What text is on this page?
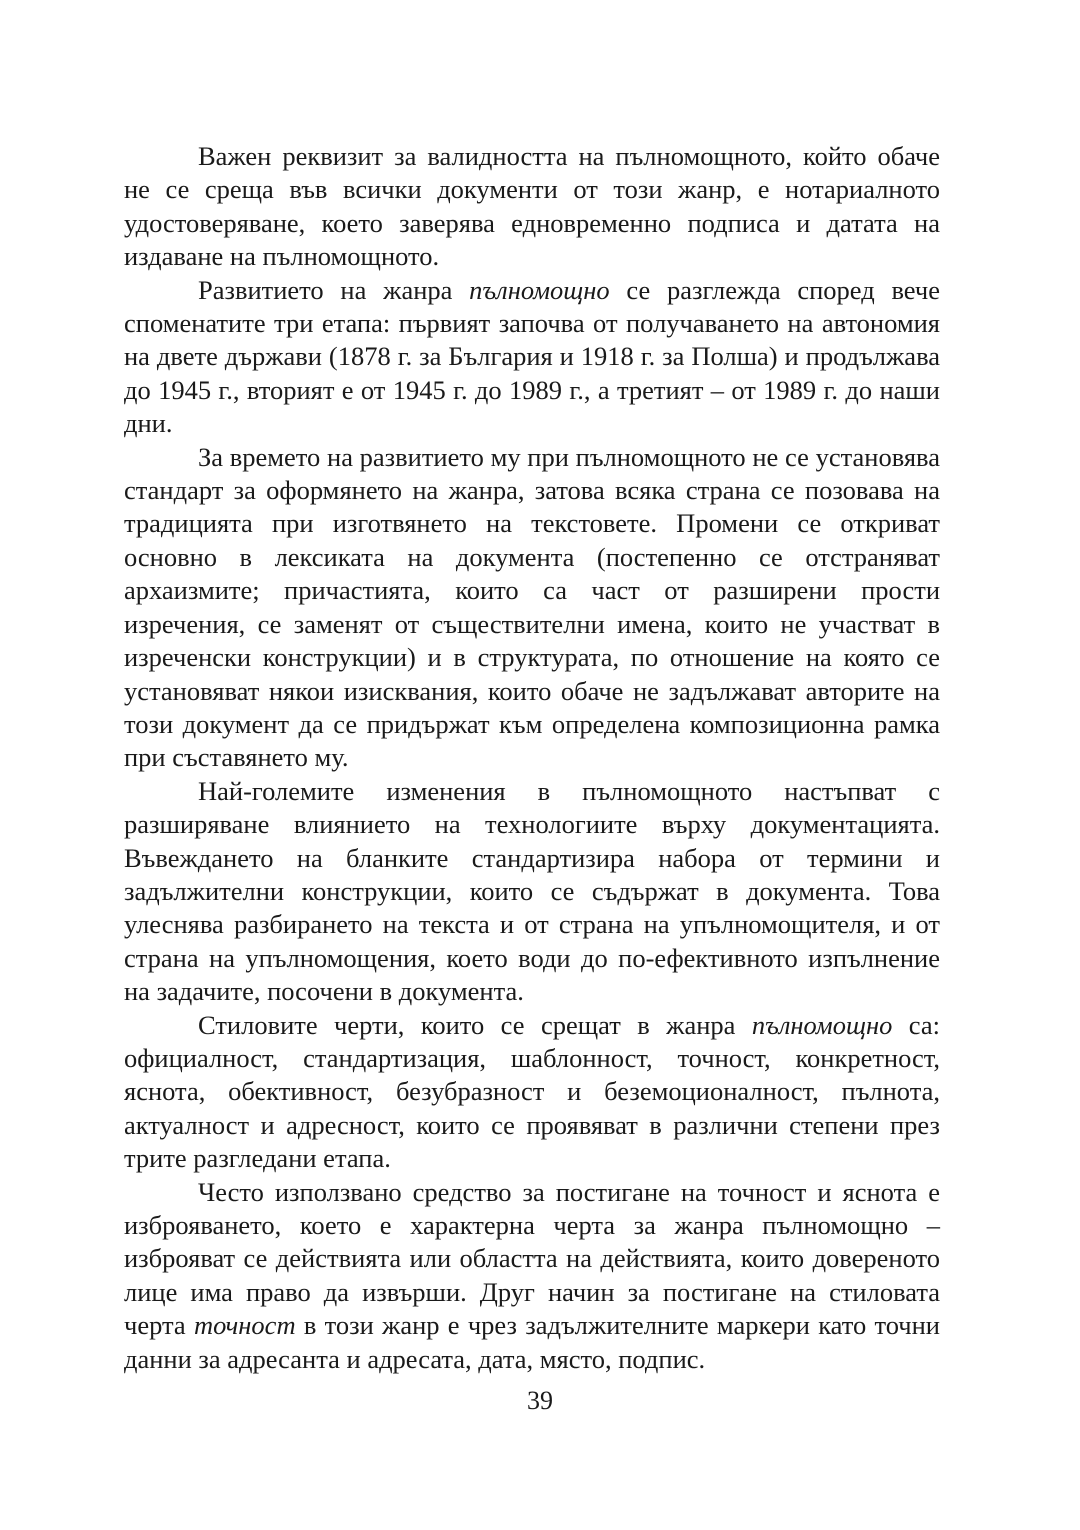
Важен реквизит за валидността на пълномощното, който обаче не се среща във всички документи от този жанр, е нотариалното удостоверяване, което заверява едновременно подписа и датата на издаване на пълномощното.

Развитието на жанра пълномощно се разглежда според вече споменатите три етапа: първият започва от получаването на автономия на двете държави (1878 г. за България и 1918 г. за Полша) и продължава до 1945 г., вторият е от 1945 г. до 1989 г., а третият – от 1989 г. до наши дни.

За времето на развитието му при пълномощното не се установява стандарт за оформянето на жанра, затова всяка страна се позовава на традицията при изготвянето на текстовете. Промени се откриват основно в лексиката на документа (постепенно се отстраняват архаизмите; причастията, които са част от разширени прости изречения, се заменят от съществителни имена, които не участват в изреченски конструкции) и в структурата, по отношение на която се установяват някои изисквания, които обаче не задължават авторите на този документ да се придържат към определена композиционна рамка при съставянето му.

Най-големите изменения в пълномощното настъпват с разширяване влиянието на технологиите върху документацията. Въвеждането на бланките стандартизира набора от термини и задължителни конструкции, които се съдържат в документа. Това улеснява разбирането на текста и от страна на упълномощителя, и от страна на упълномощения, което води до по-ефективното изпълнение на задачите, посочени в документа.

Стиловите черти, които се срещат в жанра пълномощно са: официалност, стандартизация, шаблонност, точност, конкретност, яснота, обективност, безубразност и беземоционалност, пълнота, актуалност и адресност, които се проявяват в различни степени през трите разгледани етапа.

Често използвано средство за постигане на точност и яснота е изброяването, което е характерна черта за жанра пълномощно – изброяват се действията или областта на действията, които довереното лице има право да извърши. Друг начин за постигане на стиловата черта точност в този жанр е чрез задължителните маркери като точни данни за адресанта и адресата, дата, място, подпис.

39
